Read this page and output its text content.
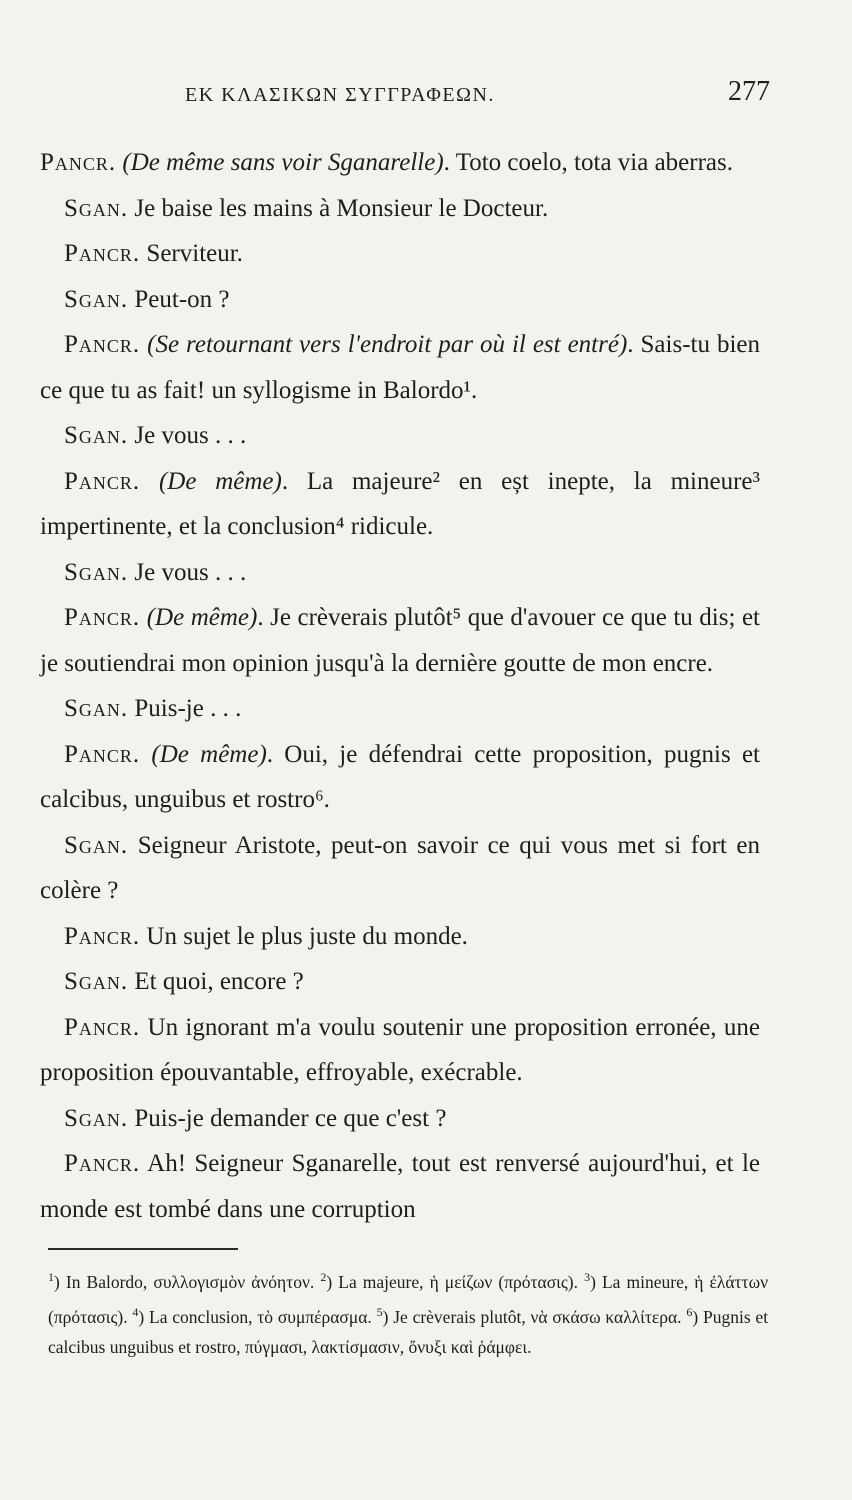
ΕΚ ΚΛΑΣΙΚΩΝ ΣΥΓΓΡΑΦΕΩΝ.	277

Pancr. (De même sans voir Sganarelle). Toto coelo, tota via aberras.

Sgan. Je baise les mains à Monsieur le Docteur.

Pancr. Serviteur.

Sgan. Peut-on ?

Pancr. (Se retournant vers l'endroit par où il est entré). Sais-tu bien ce que tu as fait! un syllogisme in Balordo¹.

Sgan. Je vous . . .

Pancr. (De même). La majeure² en eșt inepte, la mineure³ impertinente, et la conclusion⁴ ridicule.

Sgan. Je vous . . .

Pancr. (De même). Je crèverais plutôt⁵ que d'avouer ce que tu dis; et je soutiendrai mon opinion jusqu'à la dernière goutte de mon encre.

Sgan. Puis-je . . .

Pancr. (De même). Oui, je défendrai cette proposition, pugnis et calcibus, unguibus et rostro⁶.

Sgan. Seigneur Aristote, peut-on savoir ce qui vous met si fort en colère ?

Pancr. Un sujet le plus juste du monde.

Sgan. Et quoi, encore ?

Pancr. Un ignorant m'a voulu soutenir une proposition erronée, une proposition épouvantable, effroyable, exécrable.

Sgan. Puis-je demander ce que c'est ?

Pancr. Ah! Seigneur Sganarelle, tout est renversé aujourd'hui, et le monde est tombé dans une corruption

$^1$) In Balordo, συλλογισμὸν ἀνόητον. $^2$) La majeure, ἡ μείζων (πρότασις). $^3$) La mineure, ἡ ἐλάττων (πρότασις). $^4$) La conclusion, τὸ συμπέρασμα. $^5$) Je crèverais plutôt, νὰ σκάσω καλλίτερα. $^6$) Pugnis et calcibus unguibus et rostro, πύγμασι, λακτίσμασιν, ὄνυξι καὶ ῥάμφει.
